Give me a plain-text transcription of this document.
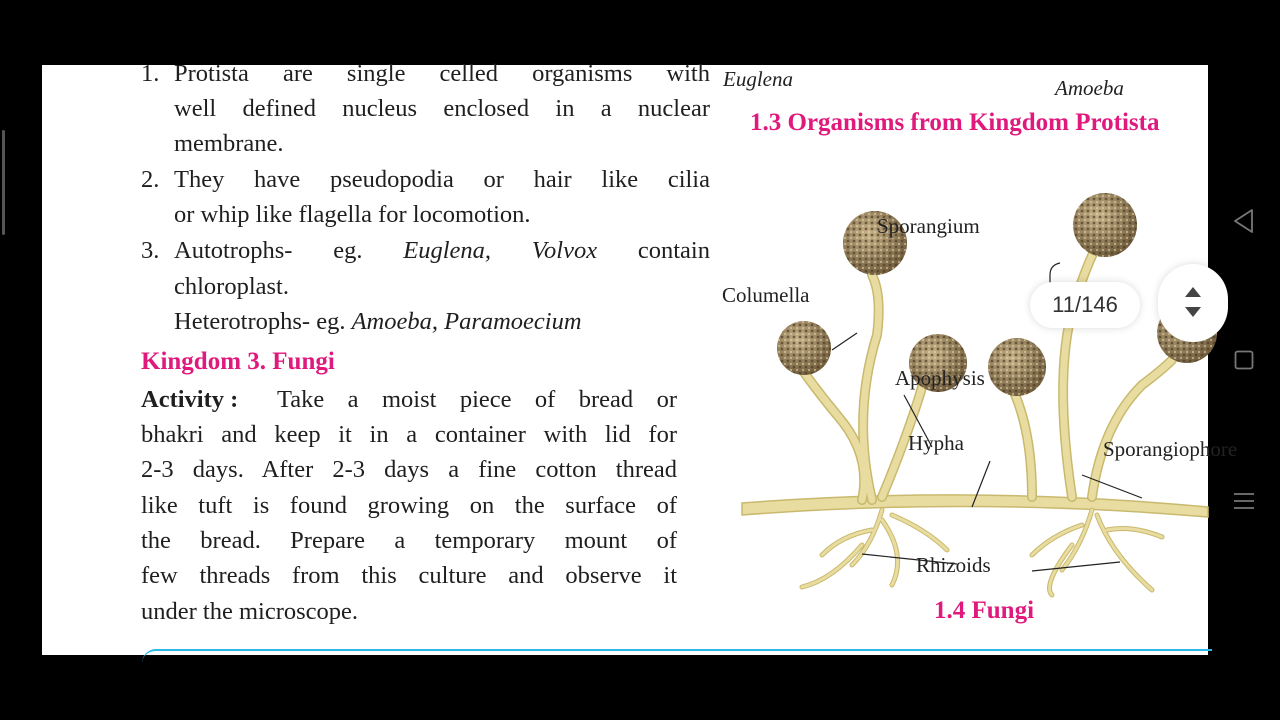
1. Protista are single celled organisms with
well defined nucleus enclosed in a nuclear
membrane.
2. They have pseudopodia or hair like cilia
or whip like flagella for locomotion.
3. Autotrophs- eg. Euglena, Volvox contain
chloroplast.
Heterotrophs- eg. Amoeba, Paramoecium
Kingdom 3. Fungi
Activity : Take a moist piece of bread or
bhakri and keep it in a container with lid for
2-3 days. After 2-3 days a fine cotton thread
like tuft is found growing on the surface of
the bread. Prepare a temporary mount of
few threads from this culture and observe it
under the microscope.
Euglena	Amoeba
1.3 Organisms from Kingdom Protista
Sporangium
Columella
Apophysis
Hypha	Sporangiophore
Rhizoids
1.4 Fungi
11/146
